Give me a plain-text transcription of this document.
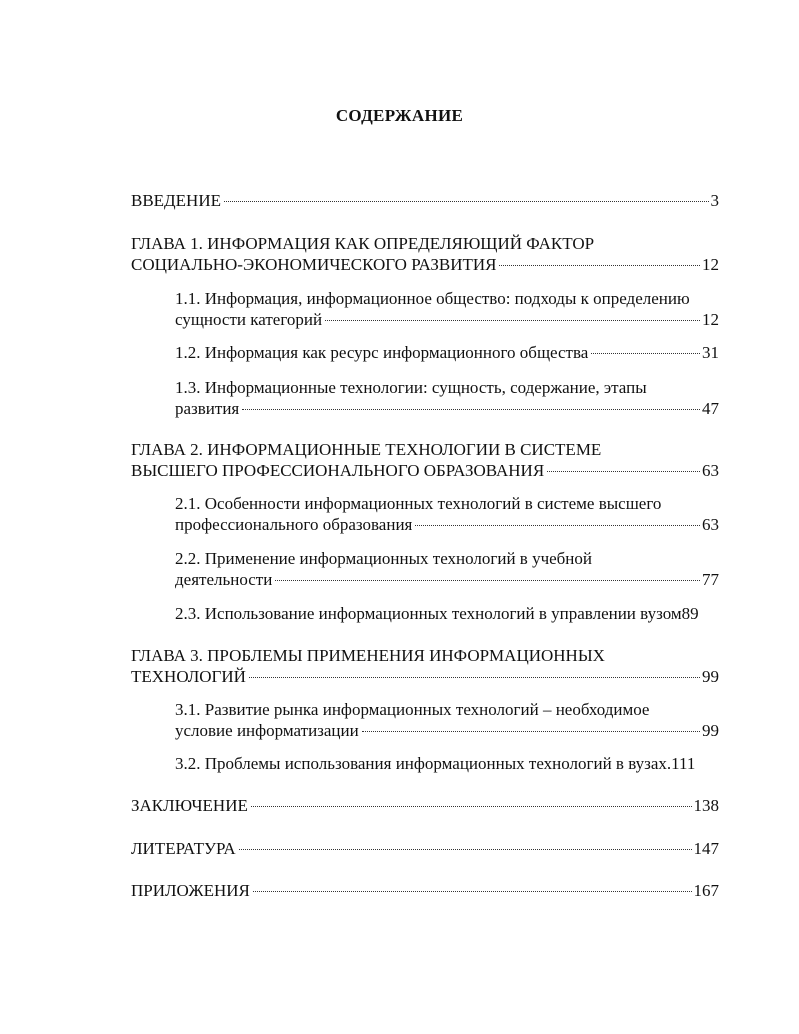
СОДЕРЖАНИЕ
ВВЕДЕНИЕ	3
ГЛАВА 1. ИНФОРМАЦИЯ КАК ОПРЕДЕЛЯЮЩИЙ ФАКТОР
СОЦИАЛЬНО-ЭКОНОМИЧЕСКОГО РАЗВИТИЯ	12
1.1. Информация, информационное общество: подходы к определению
сущности категорий	12
1.2. Информация как ресурс информационного общества	31
1.3. Информационные технологии: сущность, содержание, этапы
развития	47
ГЛАВА 2. ИНФОРМАЦИОННЫЕ ТЕХНОЛОГИИ В СИСТЕМЕ
ВЫСШЕГО ПРОФЕССИОНАЛЬНОГО ОБРАЗОВАНИЯ	63
2.1. Особенности информационных технологий в системе высшего
профессионального образования	63
2.2. Применение информационных технологий в учебной
деятельности	77
2.3. Использование информационных технологий в управлении вузом 89
ГЛАВА 3. ПРОБЛЕМЫ ПРИМЕНЕНИЯ ИНФОРМАЦИОННЫХ
ТЕХНОЛОГИЙ	99
3.1. Развитие рынка информационных технологий – необходимое
условие информатизации	99
3.2. Проблемы использования информационных технологий в вузах. 111
ЗАКЛЮЧЕНИЕ	138
ЛИТЕРАТУРА	147
ПРИЛОЖЕНИЯ	167
